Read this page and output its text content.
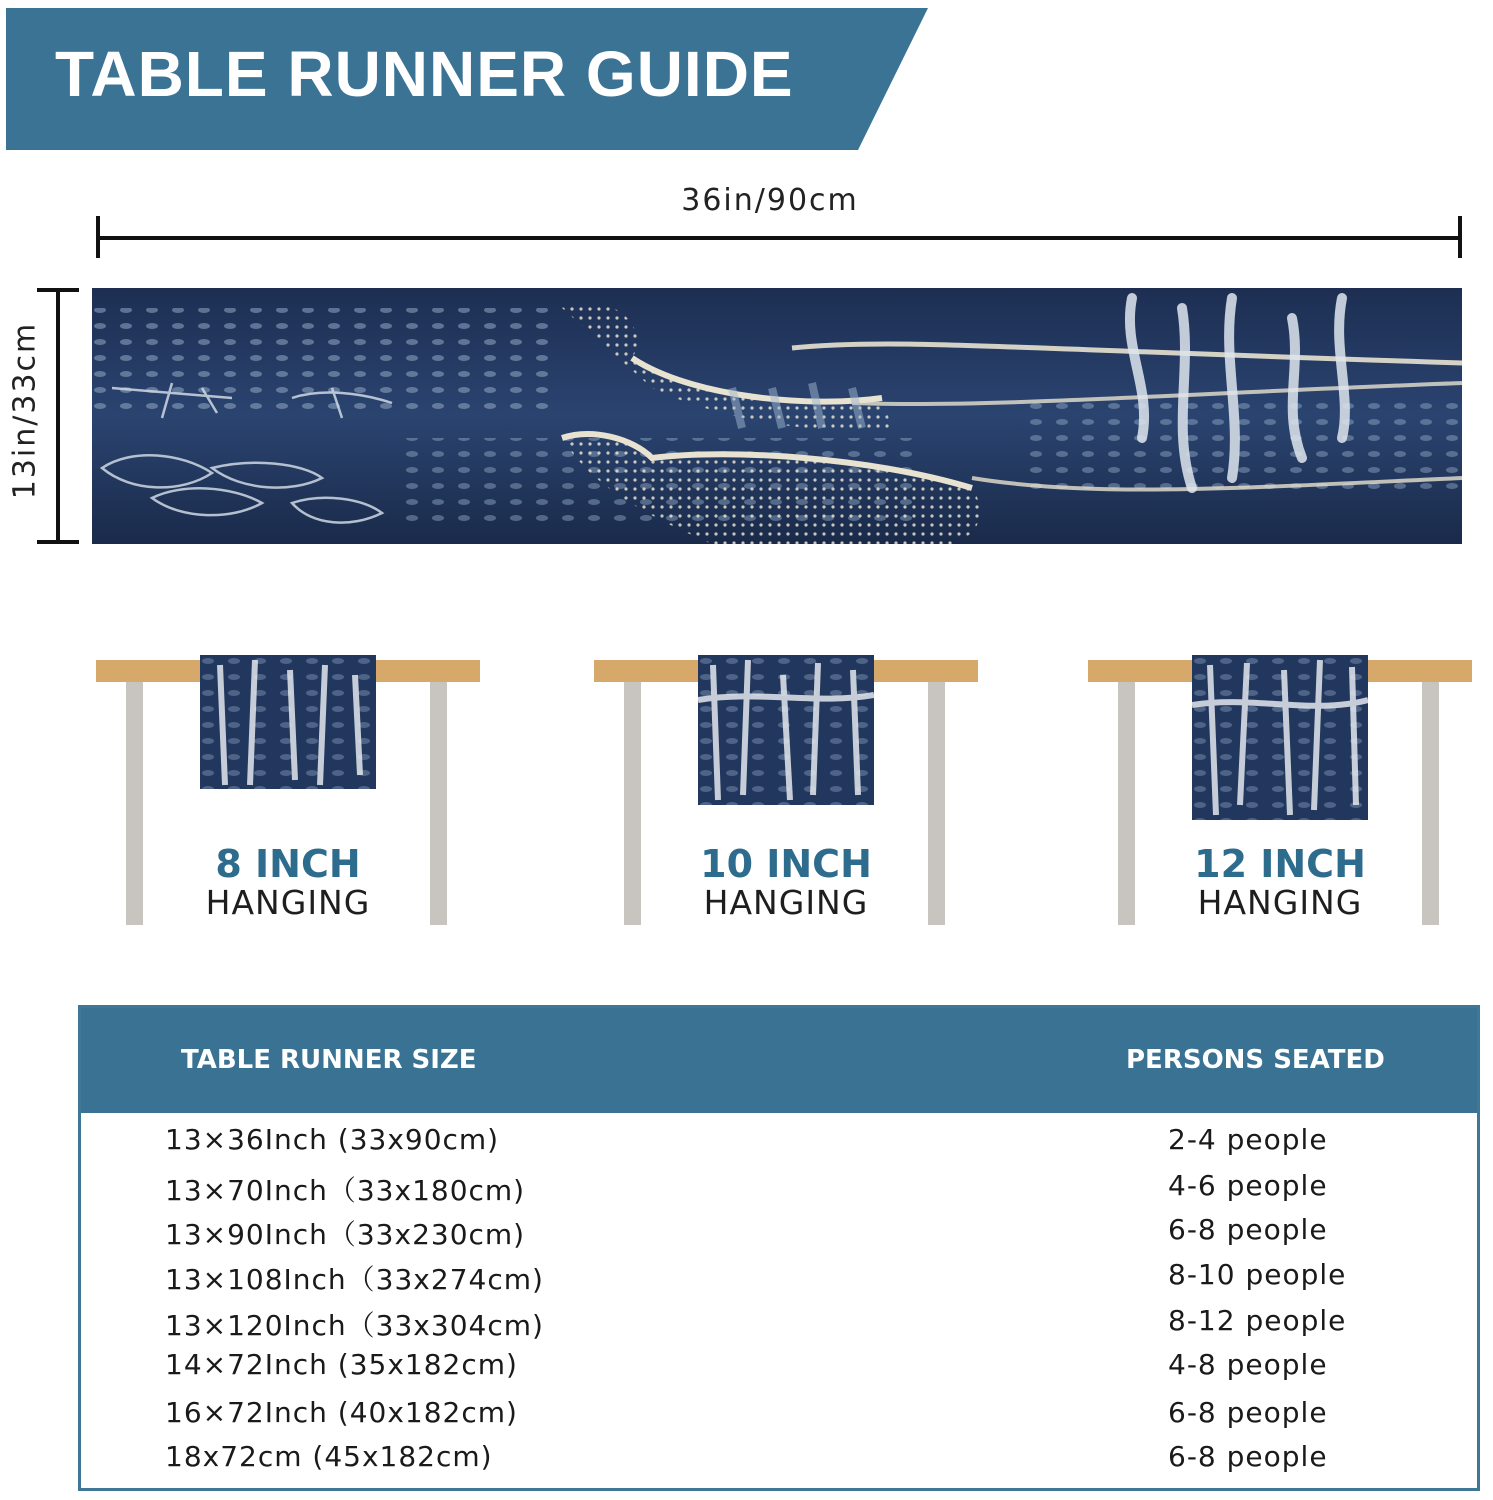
TABLE RUNNER GUIDE
36in/90cm
13in/33cm
8 INCH
HANGING
10 INCH
HANGING
12 INCH
HANGING
TABLE RUNNER SIZE	PERSONS SEATED
13×36Inch (33x90cm)	2-4 people
13×70Inch（33x180cm)	4-6 people
13×90Inch（33x230cm)	6-8 people
13×108Inch（33x274cm)	8-10 people
13×120Inch（33x304cm)	8-12 people
14×72Inch (35x182cm)	4-8 people
16×72Inch (40x182cm)	6-8 people
18x72cm (45x182cm)	6-8 people
